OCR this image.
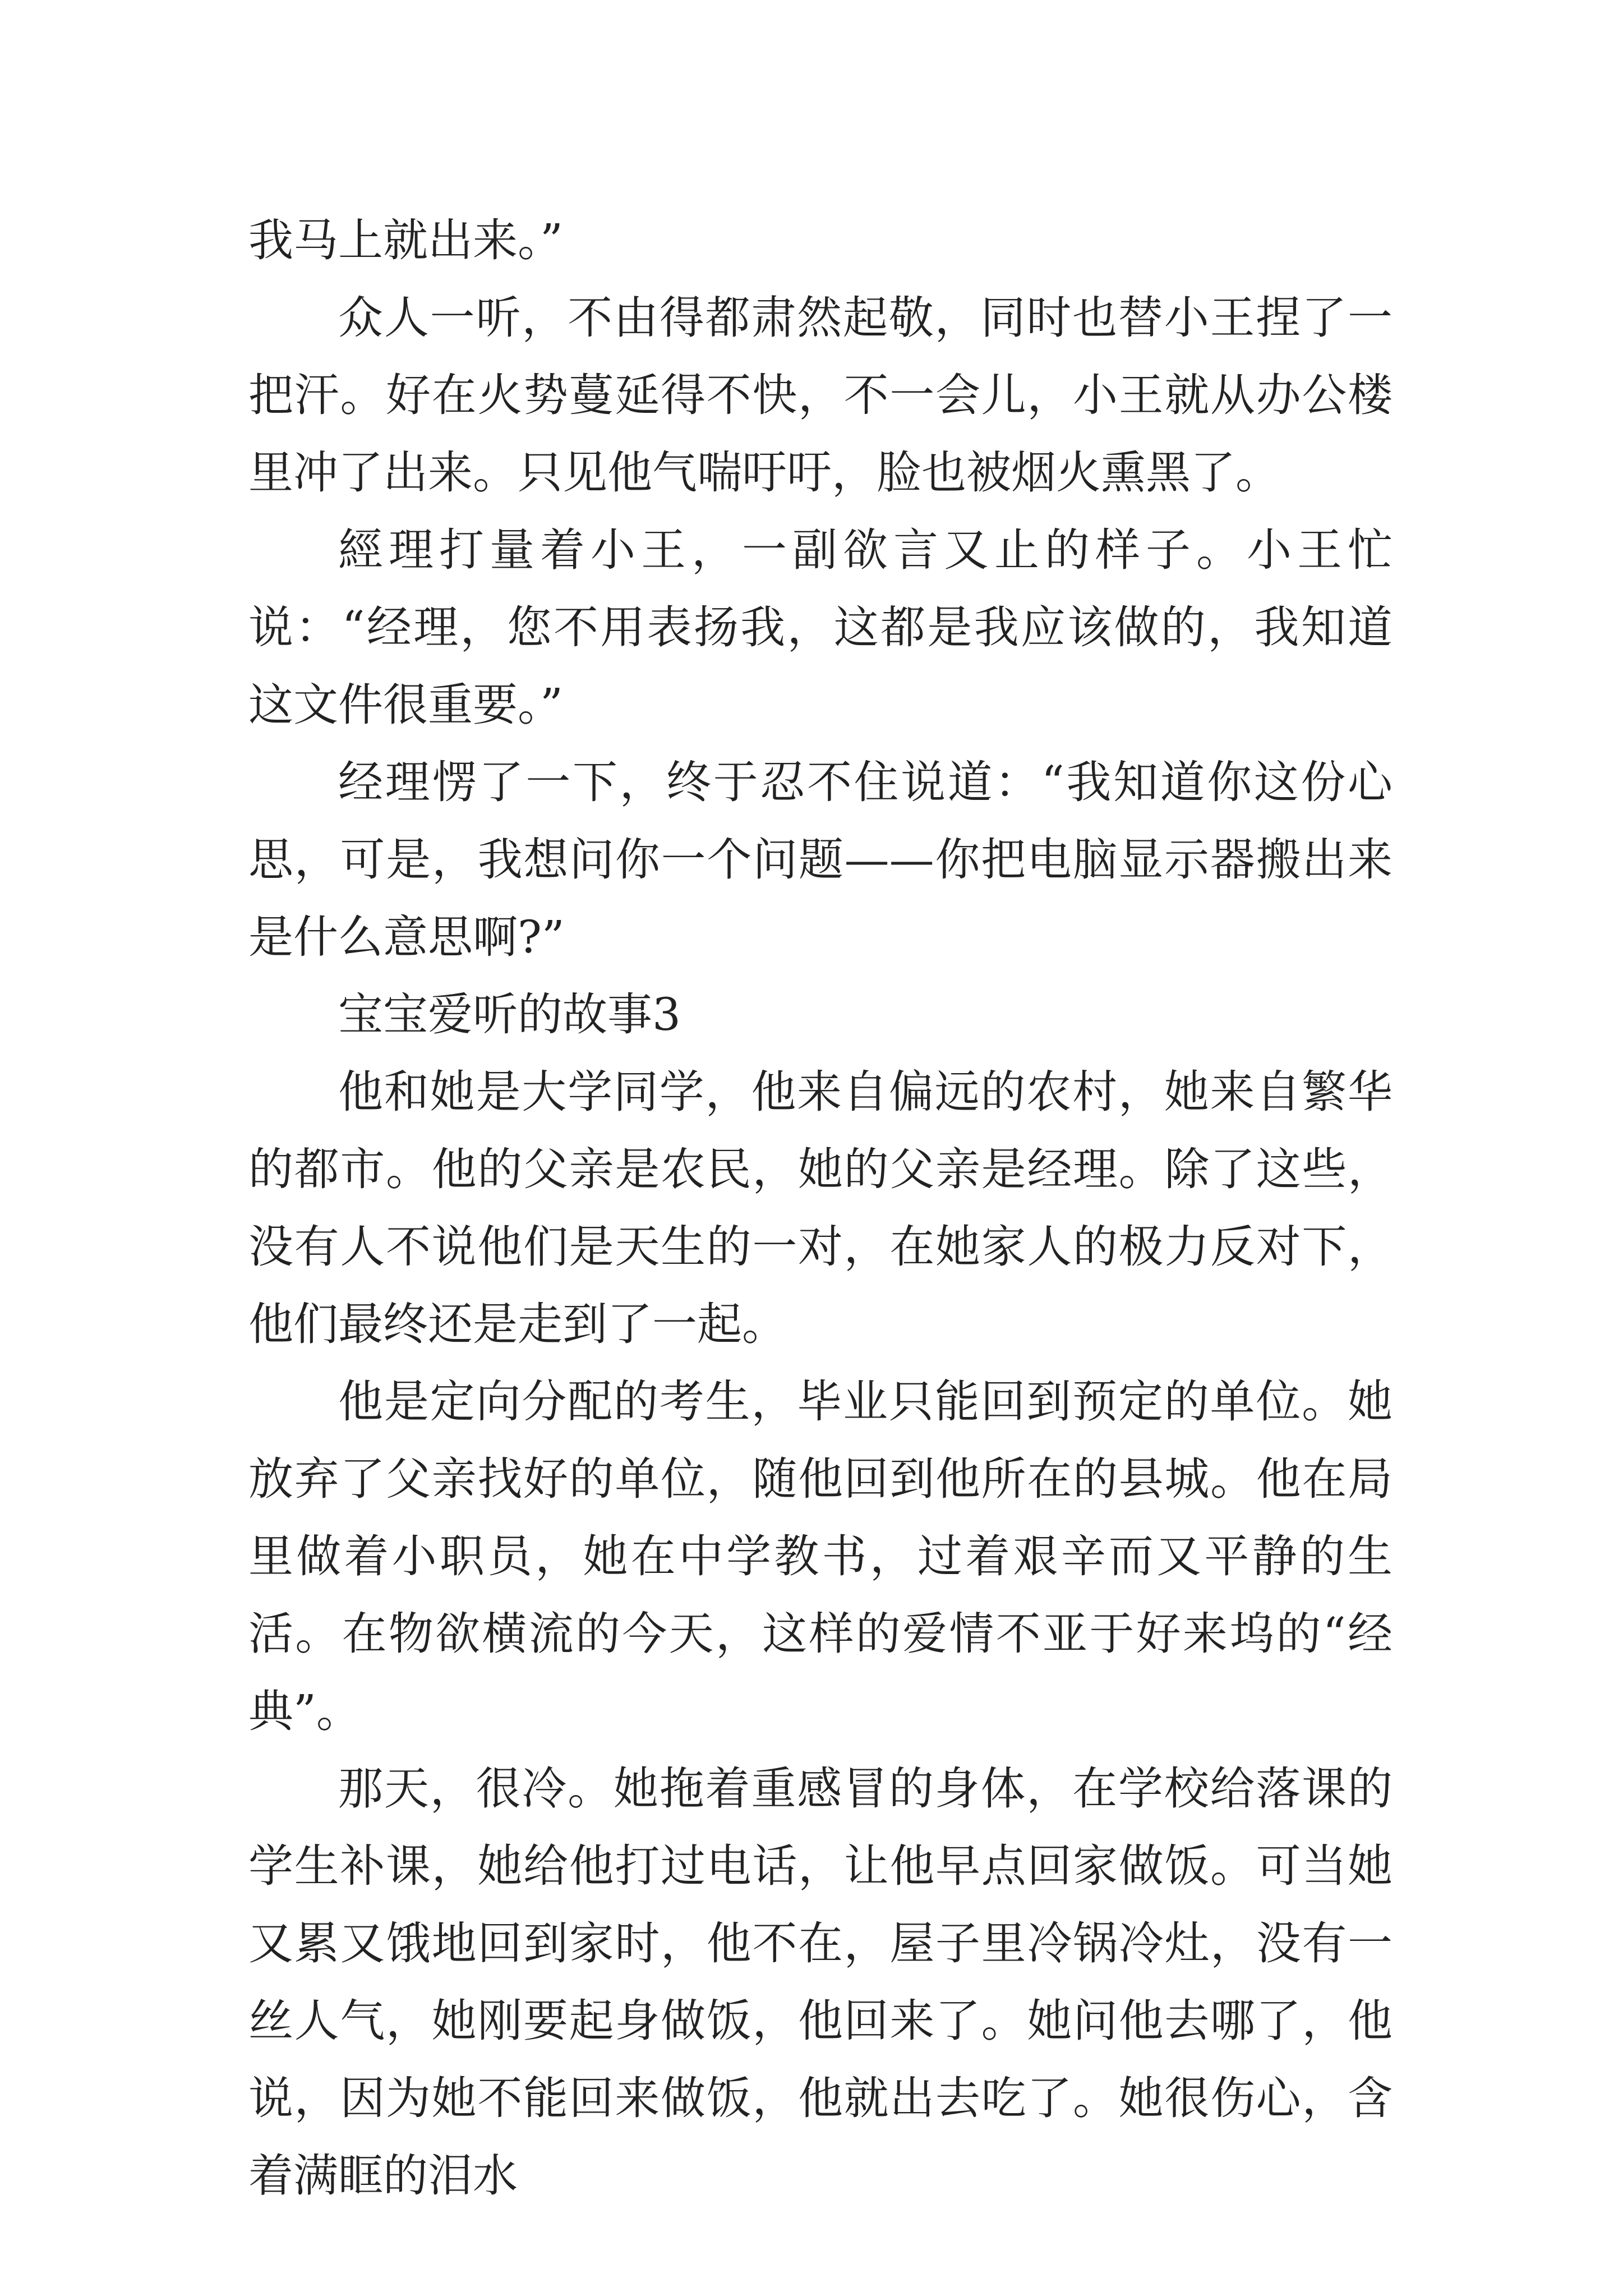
我马上就出来。”

众人一听，不由得都肃然起敬，同时也替小王捏了一把汗。好在火势蔓延得不快，不一会儿，小王就从办公楼里冲了出来。只见他气喘吁吁，脸也被烟火熏黑了。

經理打量着小王，一副欲言又止的样子。小王忙说：“经理，您不用表扬我，这都是我应该做的，我知道这文件很重要。”

经理愣了一下，终于忍不住说道：“我知道你这份心思，可是，我想问你一个问题——你把电脑显示器搬出来是什么意思啊?”

宝宝爱听的故事3

他和她是大学同学，他来自偏远的农村，她来自繁华的都市。他的父亲是农民，她的父亲是经理。除了这些，没有人不说他们是天生的一对，在她家人的极力反对下，他们最终还是走到了一起。

他是定向分配的考生，毕业只能回到预定的单位。她放弃了父亲找好的单位，随他回到他所在的县城。他在局里做着小职员，她在中学教书，过着艰辛而又平静的生活。在物欲横流的今天，这样的爱情不亚于好来坞的“经典”。

那天，很冷。她拖着重感冒的身体，在学校给落课的学生补课，她给他打过电话，让他早点回家做饭。可当她又累又饿地回到家时，他不在，屋子里冷锅冷灶，没有一丝人气，她刚要起身做饭，他回来了。她问他去哪了，他说，因为她不能回来做饭，他就出去吃了。她很伤心，含着满眶的泪水
